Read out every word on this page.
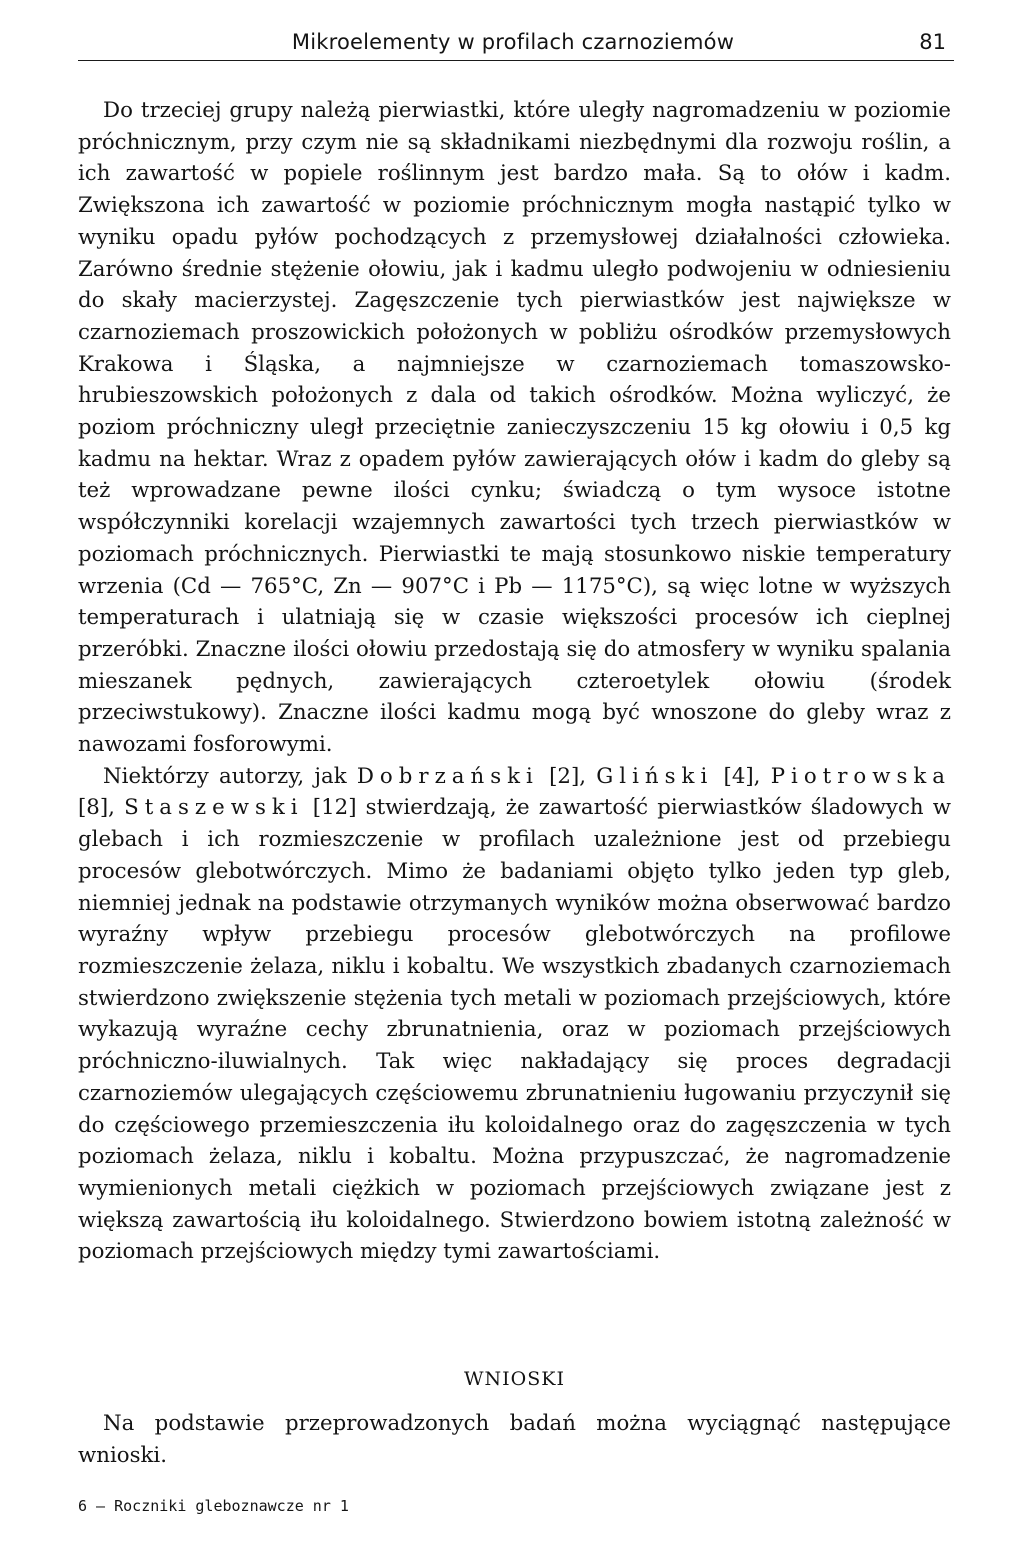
Mikroelementy w profilach czarnoziemów	81

Do trzeciej grupy należą pierwiastki, które uległy nagromadzeniu w poziomie próchnicznym, przy czym nie są składnikami niezbędnymi dla rozwoju roślin, a ich zawartość w popiele roślinnym jest bardzo mała. Są to ołów i kadm. Zwiększona ich zawartość w poziomie próchnicznym mogła nastąpić tylko w wyniku opadu pyłów pochodzących z przemysłowej działalności człowieka. Zarówno średnie stężenie ołowiu, jak i kadmu uległo podwojeniu w odniesieniu do skały macierzystej. Zagęszczenie tych pierwiastków jest największe w czarnoziemach proszowickich położonych w pobliżu ośrodków przemysłowych Krakowa i Śląska, a najmniejsze w czarnoziemach tomaszowsko-hrubieszowskich położonych z dala od takich ośrodków. Można wyliczyć, że poziom próchniczny uległ przeciętnie zanieczyszczeniu 15 kg ołowiu i 0,5 kg kadmu na hektar. Wraz z opadem pyłów zawierających ołów i kadm do gleby są też wprowadzane pewne ilości cynku; świadczą o tym wysoce istotne współczynniki korelacji wzajemnych zawartości tych trzech pierwiastków w poziomach próchnicznych. Pierwiastki te mają stosunkowo niskie temperatury wrzenia (Cd — 765°C, Zn — 907°C i Pb — 1175°C), są więc lotne w wyższych temperaturach i ulatniają się w czasie większości procesów ich cieplnej przeróbki. Znaczne ilości ołowiu przedostają się do atmosfery w wyniku spalania mieszanek pędnych, zawierających czteroetylek ołowiu (środek przeciwstukowy). Znaczne ilości kadmu mogą być wnoszone do gleby wraz z nawozami fosforowymi.

Niektórzy autorzy, jak Dobrzański [2], Gliński [4], Piotrowska [8], Staszewski [12] stwierdzają, że zawartość pierwiastków śladowych w glebach i ich rozmieszczenie w profilach uzależnione jest od przebiegu procesów glebotwórczych. Mimo że badaniami objęto tylko jeden typ gleb, niemniej jednak na podstawie otrzymanych wyników można obserwować bardzo wyraźny wpływ przebiegu procesów glebotwórczych na profilowe rozmieszczenie żelaza, niklu i kobaltu. We wszystkich zbadanych czarnoziemach stwierdzono zwiększenie stężenia tych metali w poziomach przejściowych, które wykazują wyraźne cechy zbrunatnienia, oraz w poziomach przejściowych próchniczno-iluwialnych. Tak więc nakładający się proces degradacji czarnoziemów ulegających częściowemu zbrunatnieniu ługowaniu przyczynił się do częściowego przemieszczenia iłu koloidalnego oraz do zagęszczenia w tych poziomach żelaza, niklu i kobaltu. Można przypuszczać, że nagromadzenie wymienionych metali ciężkich w poziomach przejściowych związane jest z większą zawartością iłu koloidalnego. Stwierdzono bowiem istotną zależność w poziomach przejściowych między tymi zawartościami.

WNIOSKI

Na podstawie przeprowadzonych badań można wyciągnąć następujące wnioski.

6 — Roczniki gleboznawcze nr 1
